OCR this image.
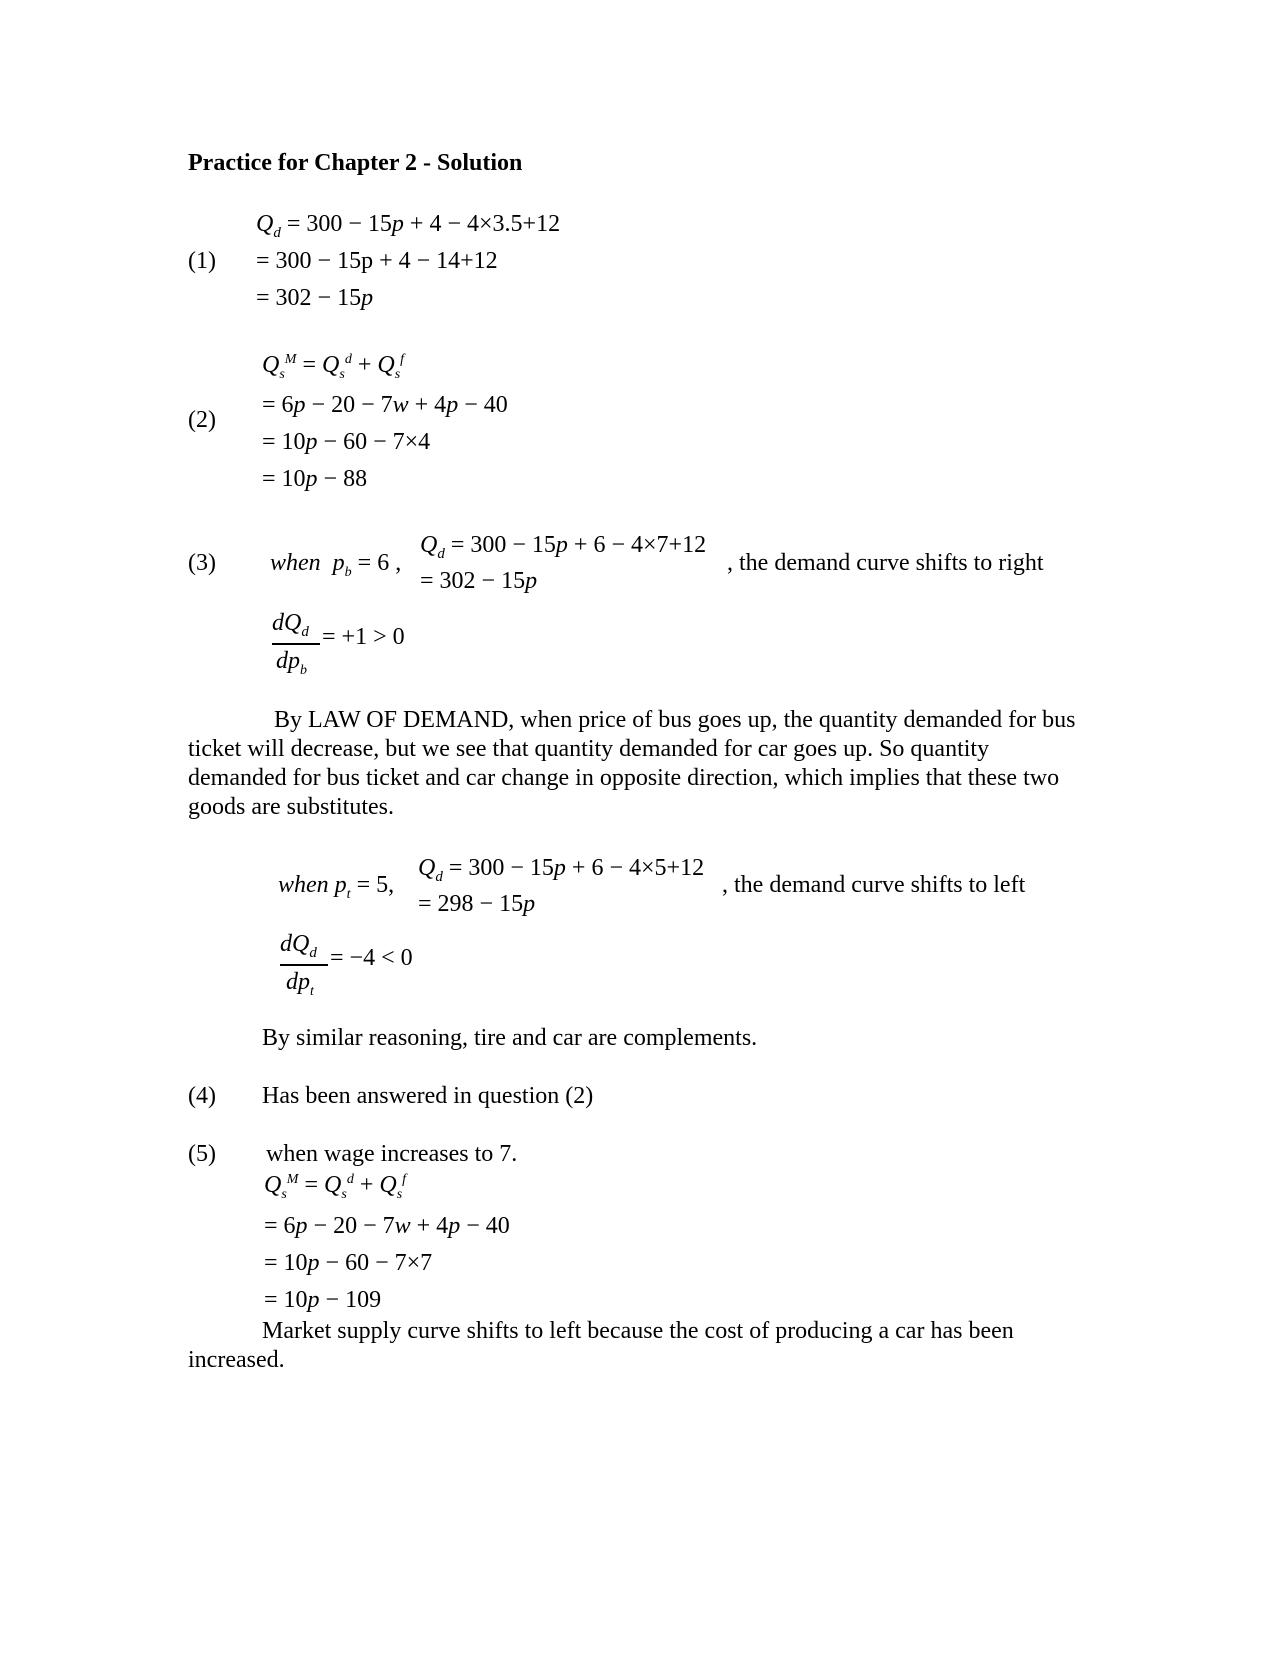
Practice for Chapter 2 - Solution
(1)
$Q_d = 300 - 15p + 4 - 4\times 3.5+12$
= 300 − 15p + 4 − 14+12
= 302 − 15p
(2)
$Q_s^M = Q_s^d + Q_s^f$
= 6p − 20 − 7w + 4p − 40
= 10p − 60 − 7×4
= 10p − 88
(3) when $p_b = 6$ ,
$Q_d = 300 - 15p + 6 - 4\times 7+12$
= 302 − 15p
, the demand curve shifts to right
$dQ_d$
$dp_b$
= +1 > 0
By LAW OF DEMAND, when price of bus goes up, the quantity demanded for bus ticket will decrease, but we see that quantity demanded for car goes up. So quantity demanded for bus ticket and car change in opposite direction, which implies that these two goods are substitutes.
when $p_t = 5$,
$Q_d = 300 - 15p + 6 - 4\times 5+12$
= 298 − 15p
, the demand curve shifts to left
$dQ_d$
$dp_t$
= −4 < 0
By similar reasoning, tire and car are complements.
(4) Has been answered in question (2)
(5) when wage increases to 7.
$Q_s^M = Q_s^d + Q_s^f$
= 6p − 20 − 7w + 4p − 40
= 10p − 60 − 7×7
= 10p − 109
Market supply curve shifts to left because the cost of producing a car has been increased.
